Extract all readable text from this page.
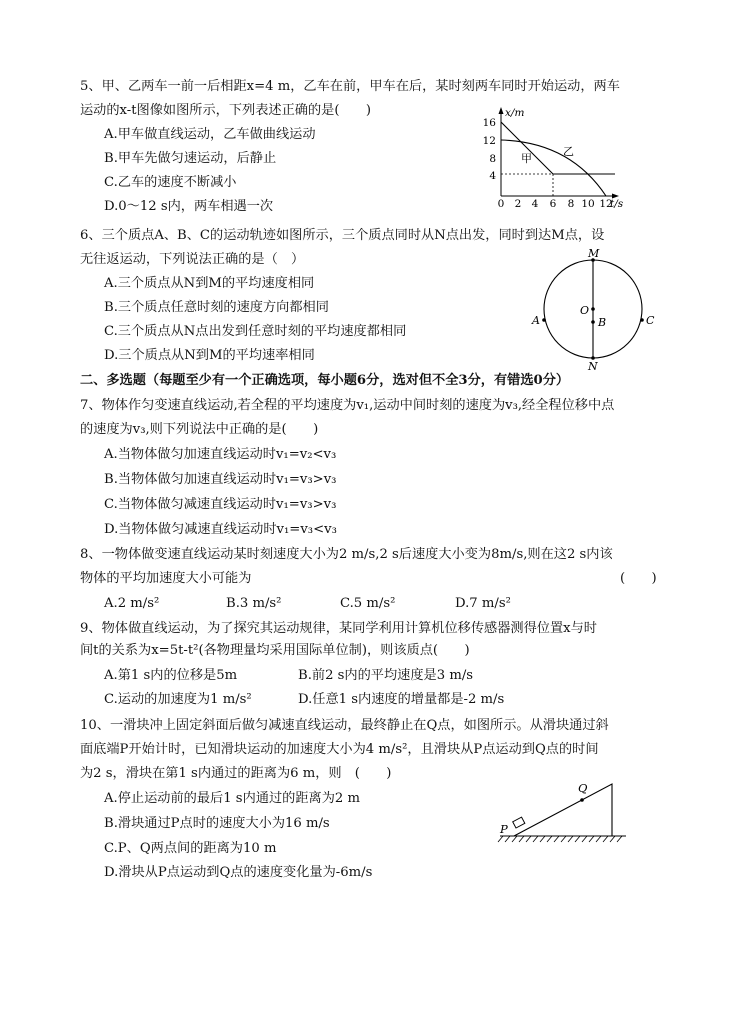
5、甲、乙两车一前一后相距x=4 m，乙车在前，甲车在后，某时刻两车同时开始运动，两车
运动的x-t图像如图所示，下列表述正确的是(　　)
A.甲车做直线运动，乙车做曲线运动
B.甲车先做匀速运动，后静止
C.乙车的速度不断减小
D.0～12 s内，两车相遇一次
x/m
t/s
16
12
8
4
0 2 4 6 8 10 12
甲
乙
6、三个质点A、B、C的运动轨迹如图所示，三个质点同时从N点出发，同时到达M点，设
无往返运动，下列说法正确的是（　）
A.三个质点从N到M的平均速度相同
B.三个质点任意时刻的速度方向都相同
C.三个质点从N点出发到任意时刻的平均速度都相同
D.三个质点从N到M的平均速率相同
M
N
O
B
A	C
二、多选题（每题至少有一个正确选项，每小题6分，选对但不全3分，有错选0分）
7、物体作匀变速直线运动,若全程的平均速度为v₁,运动中间时刻的速度为v₃,经全程位移中点
的速度为v₃,则下列说法中正确的是(　　)
A.当物体做匀加速直线运动时v₁=v₂<v₃
B.当物体做匀加速直线运动时v₁=v₃>v₃
C.当物体做匀减速直线运动时v₁=v₃>v₃
D.当物体做匀减速直线运动时v₁=v₃<v₃
8、一物体做变速直线运动某时刻速度大小为2 m/s,2 s后速度大小变为8m/s,则在这2 s内该
物体的平均加速度大小可能为	(　　)
A.2 m/s²	B.3 m/s²	C.5 m/s²	D.7 m/s²
9、物体做直线运动，为了探究其运动规律，某同学利用计算机位移传感器测得位置x与时
间t的关系为x=5t-t²(各物理量均采用国际单位制)，则该质点(　　)
A.第1 s内的位移是5m	B.前2 s内的平均速度是3 m/s
C.运动的加速度为1 m/s²	D.任意1 s内速度的增量都是-2 m/s
10、一滑块冲上固定斜面后做匀减速直线运动，最终静止在Q点，如图所示。从滑块通过斜
面底端P开始计时，已知滑块运动的加速度大小为4 m/s²，且滑块从P点运动到Q点的时间
为2 s，滑块在第1 s内通过的距离为6 m，则　(　　)
A.停止运动前的最后1 s内通过的距离为2 m
B.滑块通过P点时的速度大小为16 m/s
C.P、Q两点间的距离为10 m
D.滑块从P点运动到Q点的速度变化量为-6m/s
Q
P
